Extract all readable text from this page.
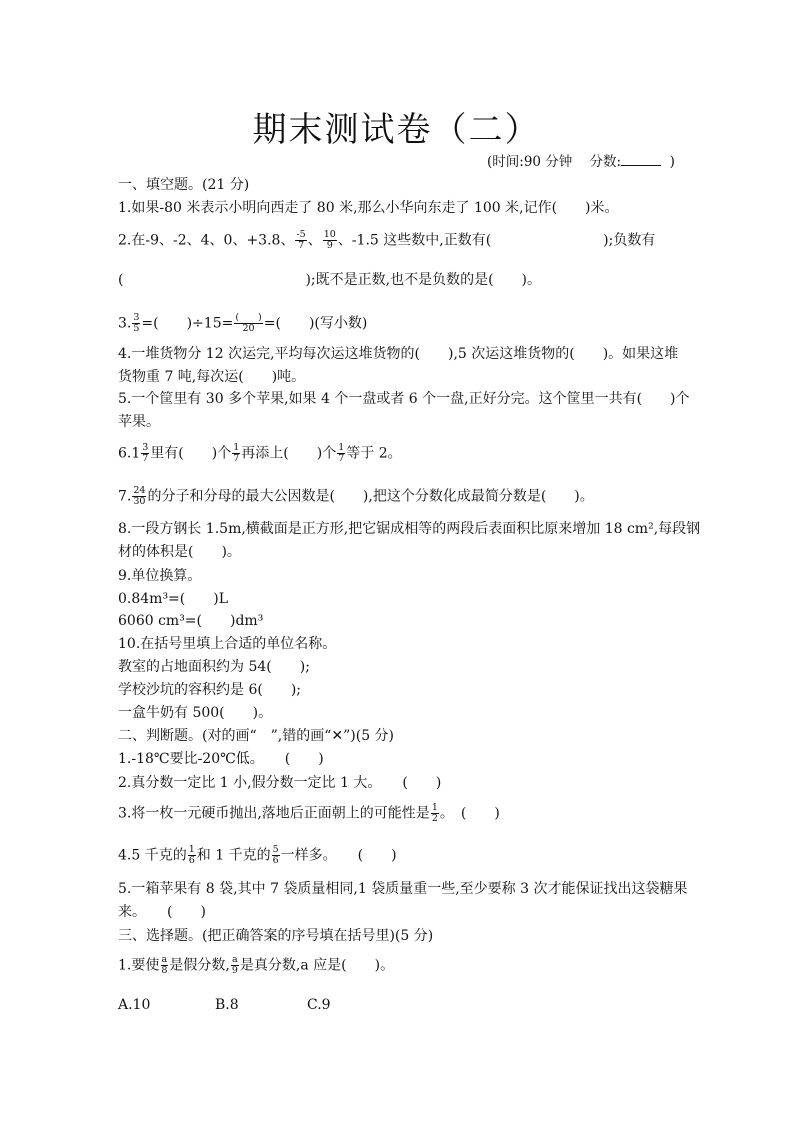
期末测试卷（二）
(时间:90 分钟 分数:	)
一、填空题。(21 分)
1.如果-80 米表示小明向西走了 80 米,那么小华向东走了 100 米,记作(　　)米。
2.在-9、-2、4、0、+3.8、 $\frac{-5}{7}$ 、 $\frac{10}{9}$ 、-1.5 这些数中,正数有(　　　　　　　　);负数有
(　　　　　　　　　　　　　);既不是正数,也不是负数的是(　　)。
3. $\frac{3}{5}$ =(　　)$\div 15= \frac{( )}{20}$ =(　　)(写小数)
4.一堆货物分 12 次运完,平均每次运这堆货物的(　　),5 次运这堆货物的(　　)。如果这堆
货物重 7 吨,每次运(　　)吨。
5.一个筐里有 30 多个苹果,如果 4 个一盘或者 6 个一盘,正好分完。这个筐里一共有(　　)个
苹果。
$6.1 \frac{3}{7}$ 里有(　　)个 $\frac{1}{7}$ 再添上(　　)个 $\frac{1}{7}$ 等于 2。
7. $\frac{24}{30}$ 的分子和分母的最大公因数是(　　),把这个分数化成最简分数是(　　)。
8.一段方钢长 1.5m,横截面是正方形,把它锯成相等的两段后表面积比原来增加 18 cm²,每段钢
材的体积是(　　)。
9.单位换算。
0.84m³=(　　)L
6060 cm³=(　　)dm³
10.在括号里填上合适的单位名称。
教室的占地面积约为 54(　　);
学校沙坑的容积约是 6(　　);
一盒牛奶有 500(　　)。
二、判断题。(对的画“　”,错的画“✕”)(5 分)
1.-18℃要比-20℃低。　　(　　)
2.真分数一定比 1 小,假分数一定比 1 大。　　(　　)
3.将一枚一元硬币抛出,落地后正面朝上的可能性是 $\frac{1}{2}$ 。　(　　)
4.5 千克的 $\frac{1}{6}$ 和 1 千克的 $\frac{5}{6}$ 一样多。　　(　　)
5.一箱苹果有 8 袋,其中 7 袋质量相同,1 袋质量重一些,至少要称 3 次才能保证找出这袋糖果
来。　　(　　)
三、选择题。(把正确答案的序号填在括号里)(5 分)
1.要使 $\frac{a}{8}$ 是假分数, $\frac{a}{9}$ 是真分数,a 应是(　　)。
A.10	B.8	C.9
